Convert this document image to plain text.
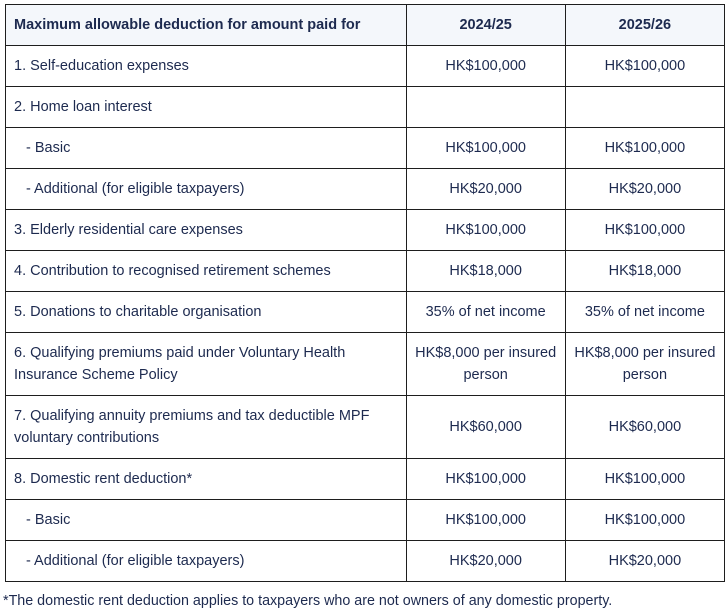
Maximum allowable deduction for amount paid for	2024/25	2025/26
1. Self-education expenses	HK$100,000	HK$100,000
2. Home loan interest		
- Basic	HK$100,000	HK$100,000
- Additional (for eligible taxpayers)	HK$20,000	HK$20,000
3. Elderly residential care expenses	HK$100,000	HK$100,000
4. Contribution to recognised retirement schemes	HK$18,000	HK$18,000
5. Donations to charitable organisation	35% of net income	35% of net income
6. Qualifying premiums paid under Voluntary Health Insurance Scheme Policy	HK$8,000 per insured person	HK$8,000 per insured person
7. Qualifying annuity premiums and tax deductible MPF voluntary contributions	HK$60,000	HK$60,000
8. Domestic rent deduction*	HK$100,000	HK$100,000
- Basic	HK$100,000	HK$100,000
- Additional (for eligible taxpayers)	HK$20,000	HK$20,000
*The domestic rent deduction applies to taxpayers who are not owners of any domestic property.
